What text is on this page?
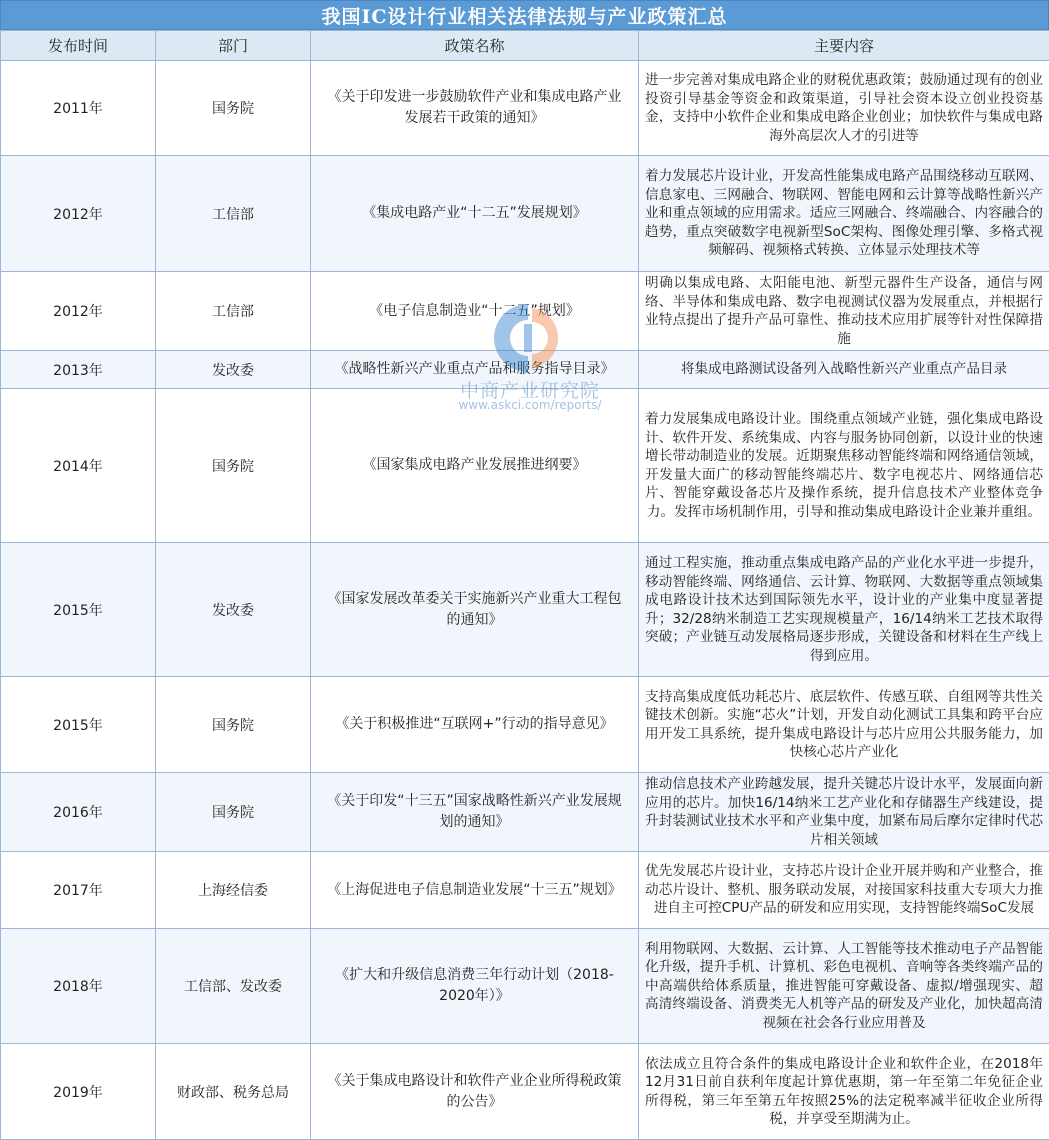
我国IC设计行业相关法律法规与产业政策汇总
发布时间	部门	政策名称	主要内容
2011年	国务院	《关于印发进一步鼓励软件产业和集成电路产业发展若干政策的通知》	进一步完善对集成电路企业的财税优惠政策；鼓励通过现有的创业投资引导基金等资金和政策渠道，引导社会资本设立创业投资基金，支持中小软件企业和集成电路企业创业；加快软件与集成电路海外高层次人才的引进等
2012年	工信部	《集成电路产业“十二五”发展规划》	着力发展芯片设计业，开发高性能集成电路产品围绕移动互联网、信息家电、三网融合、物联网、智能电网和云计算等战略性新兴产业和重点领域的应用需求。适应三网融合、终端融合、内容融合的趋势，重点突破数字电视新型SoC架构、图像处理引擎、多格式视频解码、视频格式转换、立体显示处理技术等
2012年	工信部	《电子信息制造业“十二五”规划》	明确以集成电路、太阳能电池、新型元器件生产设备，通信与网络、半导体和集成电路、数字电视测试仪器为发展重点，并根据行业特点提出了提升产品可靠性、推动技术应用扩展等针对性保障措施
2013年	发改委	《战略性新兴产业重点产品和服务指导目录》	将集成电路测试设备列入战略性新兴产业重点产品目录
2014年	国务院	《国家集成电路产业发展推进纲要》	着力发展集成电路设计业。围绕重点领域产业链，强化集成电路设计、软件开发、系统集成、内容与服务协同创新，以设计业的快速增长带动制造业的发展。近期聚焦移动智能终端和网络通信领域，开发量大面广的移动智能终端芯片、数字电视芯片、网络通信芯片、智能穿戴设备芯片及操作系统，提升信息技术产业整体竞争力。发挥市场机制作用，引导和推动集成电路设计企业兼并重组。
2015年	发改委	《国家发展改革委关于实施新兴产业重大工程包的通知》	通过工程实施，推动重点集成电路产品的产业化水平进一步提升，移动智能终端、网络通信、云计算、物联网、大数据等重点领域集成电路设计技术达到国际领先水平，设计业的产业集中度显著提升；32/28纳米制造工艺实现规模量产，16/14纳米工艺技术取得突破；产业链互动发展格局逐步形成，关键设备和材料在生产线上得到应用。
2015年	国务院	《关于积极推进“互联网+”行动的指导意见》	支持高集成度低功耗芯片、底层软件、传感互联、自组网等共性关键技术创新。实施“芯火”计划，开发自动化测试工具集和跨平台应用开发工具系统，提升集成电路设计与芯片应用公共服务能力，加快核心芯片产业化
2016年	国务院	《关于印发“十三五”国家战略性新兴产业发展规划的通知》	推动信息技术产业跨越发展，提升关键芯片设计水平，发展面向新应用的芯片。加快16/14纳米工艺产业化和存储器生产线建设，提升封装测试业技术水平和产业集中度，加紧布局后摩尔定律时代芯片相关领域
2017年	上海经信委	《上海促进电子信息制造业发展“十三五”规划》	优先发展芯片设计业，支持芯片设计企业开展并购和产业整合，推动芯片设计、整机、服务联动发展，对接国家科技重大专项大力推进自主可控CPU产品的研发和应用实现，支持智能终端SoC发展
2018年	工信部、发改委	《扩大和升级信息消费三年行动计划（2018-2020年）》	利用物联网、大数据、云计算、人工智能等技术推动电子产品智能化升级，提升手机、计算机、彩色电视机、音响等各类终端产品的中高端供给体系质量，推进智能可穿戴设备、虚拟/增强现实、超高清终端设备、消费类无人机等产品的研发及产业化，加快超高清视频在社会各行业应用普及
2019年	财政部、税务总局	《关于集成电路设计和软件产业企业所得税政策的公告》	依法成立且符合条件的集成电路设计企业和软件企业，在2018年12月31日前自获利年度起计算优惠期，第一年至第二年免征企业所得税，第三年至第五年按照25%的法定税率减半征收企业所得税，并享受至期满为止。
中商产业研究院
www.askci.com/reports/
